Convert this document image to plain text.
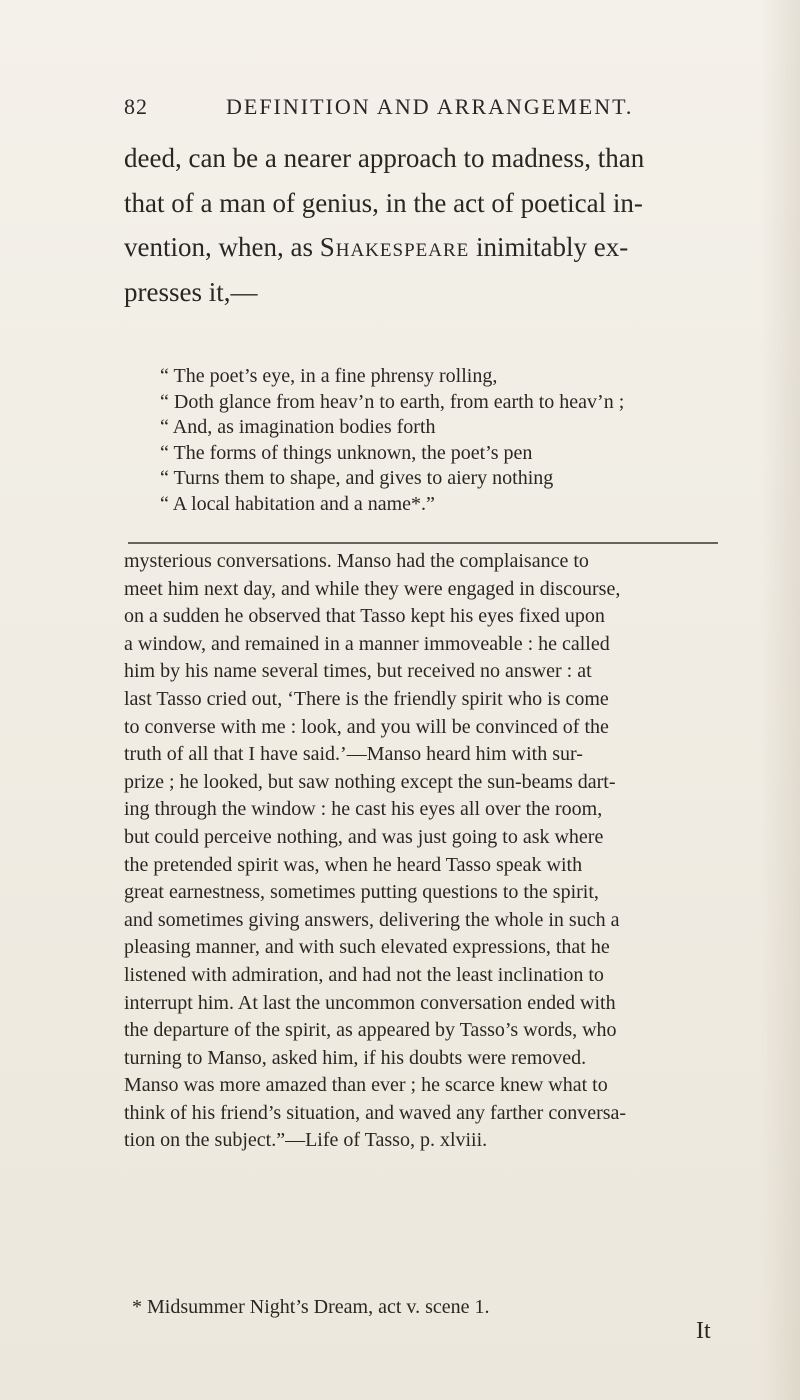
82	DEFINITION AND ARRANGEMENT.
deed, can be a nearer approach to madness, than
that of a man of genius, in the act of poetical in-
vention, when, as Shakespeare inimitably ex-
presses it,—
“ The poet’s eye, in a fine phrensy rolling,
“ Doth glance from heav’n to earth, from earth to heav’n ;
“ And, as imagination bodies forth
“ The forms of things unknown, the poet’s pen
“ Turns them to shape, and gives to aiery nothing
“ A local habitation and a name*.”
mysterious conversations. Manso had the complaisance to
meet him next day, and while they were engaged in discourse,
on a sudden he observed that Tasso kept his eyes fixed upon
a window, and remained in a manner immoveable : he called
him by his name several times, but received no answer : at
last Tasso cried out, ‘There is the friendly spirit who is come
to converse with me : look, and you will be convinced of the
truth of all that I have said.’—Manso heard him with sur-
prize ; he looked, but saw nothing except the sun-beams dart-
ing through the window : he cast his eyes all over the room,
but could perceive nothing, and was just going to ask where
the pretended spirit was, when he heard Tasso speak with
great earnestness, sometimes putting questions to the spirit,
and sometimes giving answers, delivering the whole in such a
pleasing manner, and with such elevated expressions, that he
listened with admiration, and had not the least inclination to
interrupt him. At last the uncommon conversation ended with
the departure of the spirit, as appeared by Tasso’s words, who
turning to Manso, asked him, if his doubts were removed.
Manso was more amazed than ever ; he scarce knew what to
think of his friend’s situation, and waved any farther conversa-
tion on the subject.”—Life of Tasso, p. xlviii.
* Midsummer Night’s Dream, act v. scene 1.
It
